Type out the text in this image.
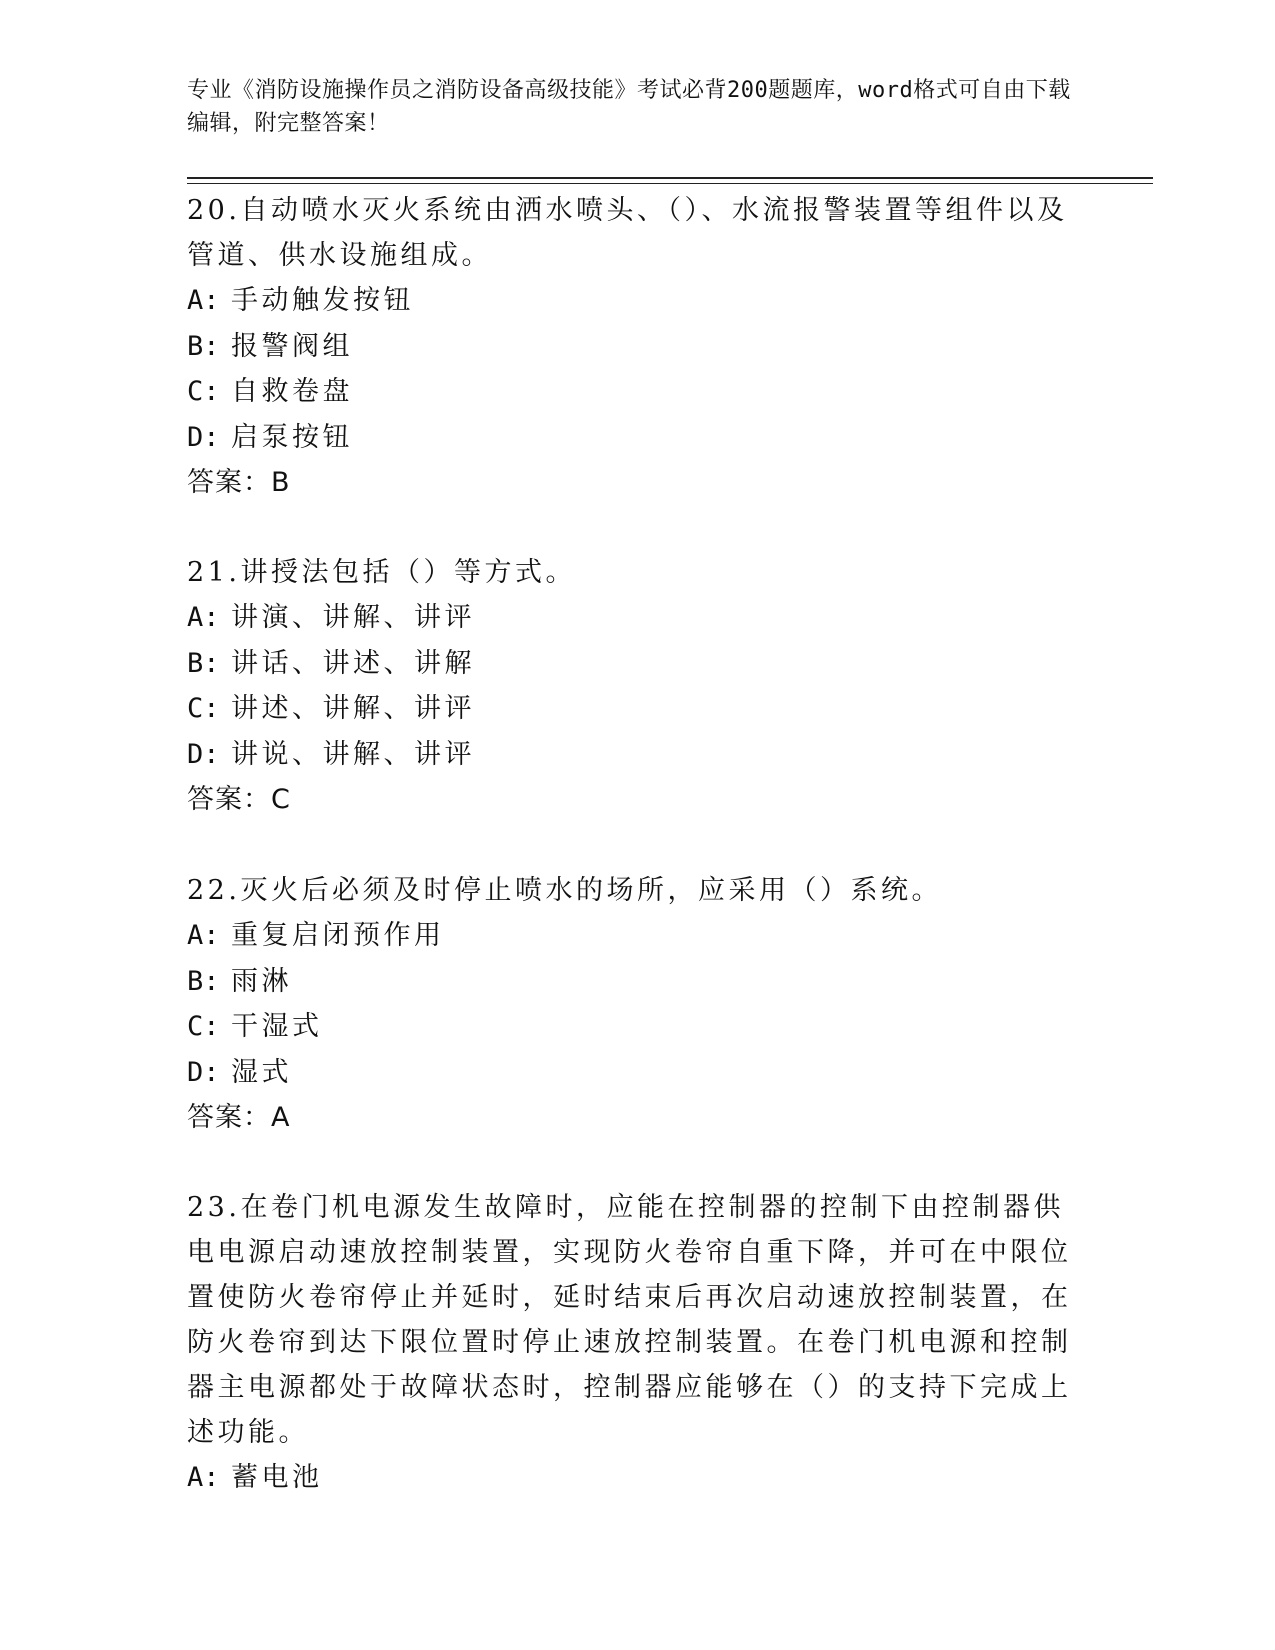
专业《消防设施操作员之消防设备高级技能》考试必背200题题库，word格式可自由下载编辑，附完整答案！

20.自动喷水灭火系统由洒水喷头、（）、水流报警装置等组件以及管道、供水设施组成。

A: 手动触发按钮

B: 报警阀组

C: 自救卷盘

D: 启泵按钮

答案：B

21.讲授法包括（）等方式。

A: 讲演、讲解、讲评

B: 讲话、讲述、讲解

C: 讲述、讲解、讲评

D: 讲说、讲解、讲评

答案：C

22.灭火后必须及时停止喷水的场所，应采用（）系统。

A: 重复启闭预作用

B: 雨淋

C: 干湿式

D: 湿式

答案：A

23.在卷门机电源发生故障时，应能在控制器的控制下由控制器供电电源启动速放控制装置，实现防火卷帘自重下降，并可在中限位置使防火卷帘停止并延时，延时结束后再次启动速放控制装置，在防火卷帘到达下限位置时停止速放控制装置。在卷门机电源和控制器主电源都处于故障状态时，控制器应能够在（）的支持下完成上述功能。

A: 蓄电池
